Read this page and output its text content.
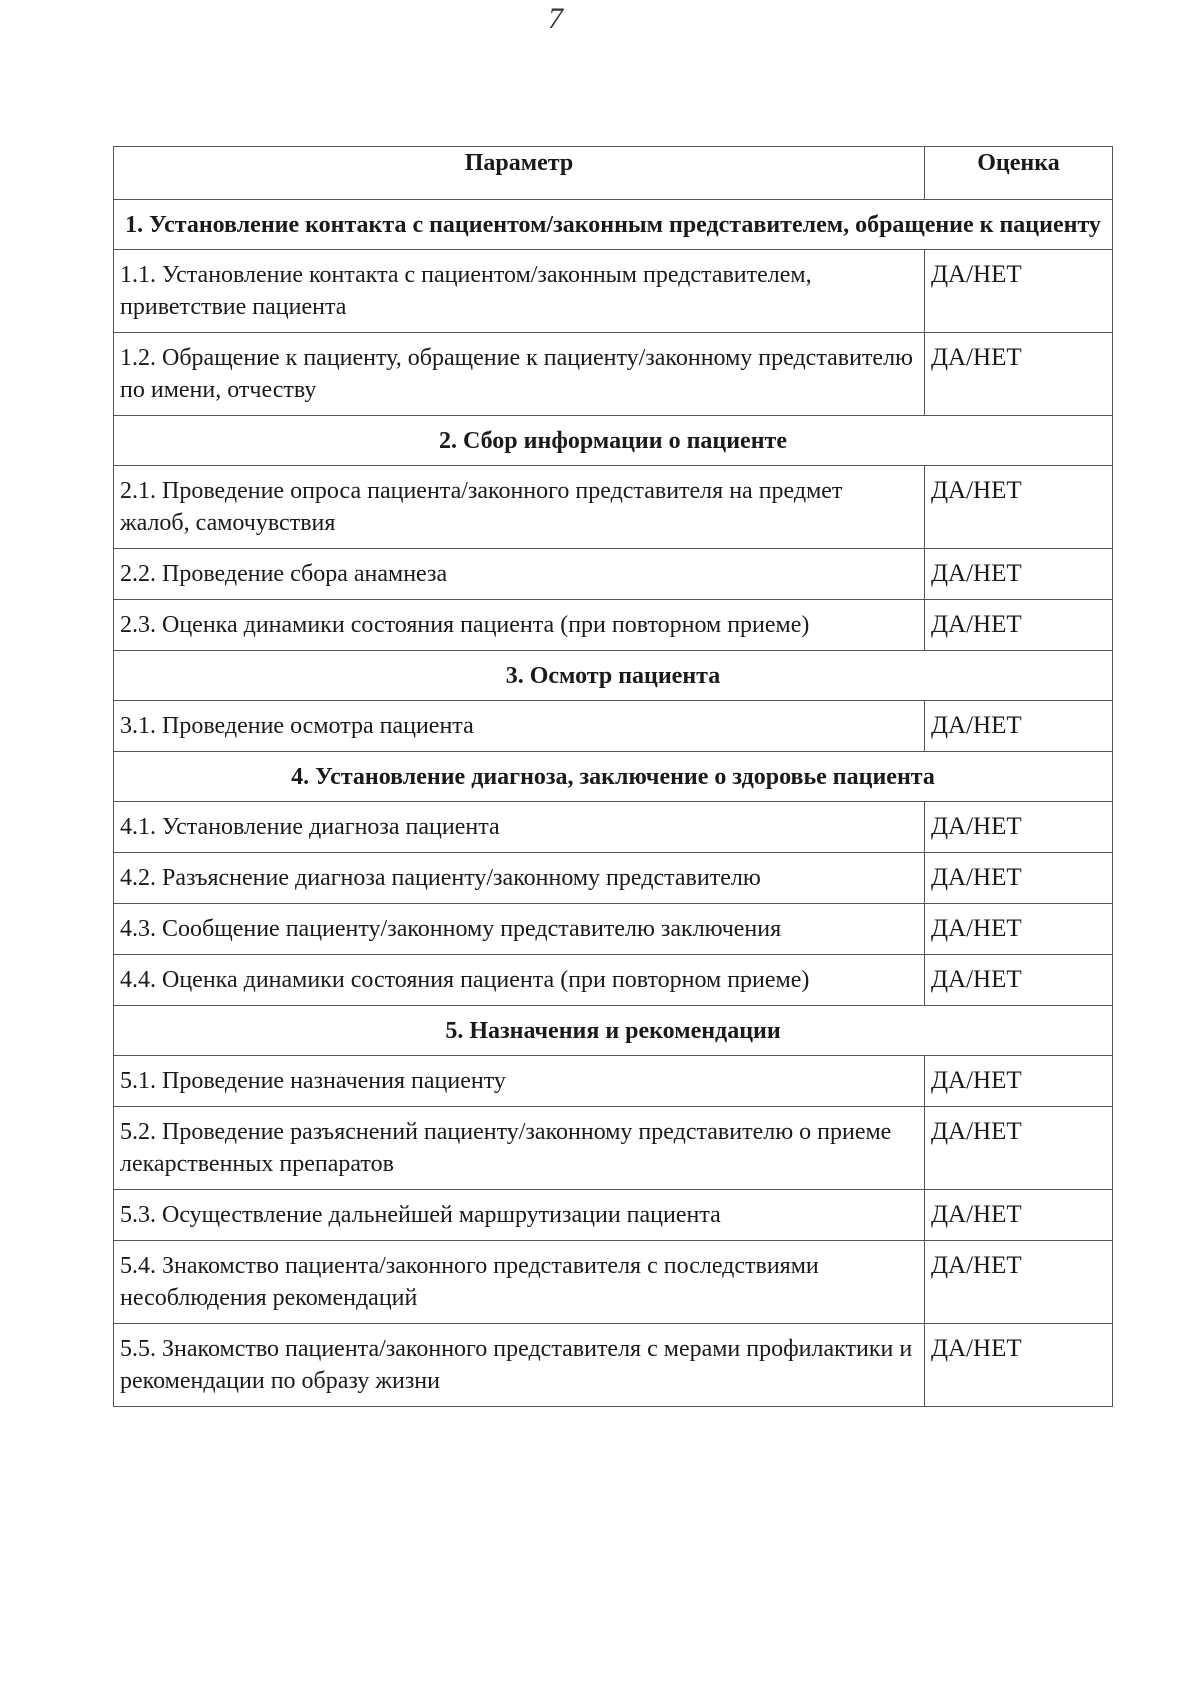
7
Параметр	Оценка
1. Установление контакта с пациентом/законным представителем, обращение к пациенту	
1.1. Установление контакта с пациентом/законным представителем, приветствие пациента	ДА/НЕТ
1.2. Обращение к пациенту, обращение к пациенту/законному представителю по имени, отчеству	ДА/НЕТ
2. Сбор информации о пациенте	
2.1. Проведение опроса пациента/законного представителя на предмет жалоб, самочувствия	ДА/НЕТ
2.2. Проведение сбора анамнеза	ДА/НЕТ
2.3. Оценка динамики состояния пациента (при повторном приеме)	ДА/НЕТ
3. Осмотр пациента	
3.1. Проведение осмотра пациента	ДА/НЕТ
4. Установление диагноза, заключение о здоровье пациента	
4.1. Установление диагноза пациента	ДА/НЕТ
4.2. Разъяснение диагноза пациенту/законному представителю	ДА/НЕТ
4.3. Сообщение пациенту/законному представителю заключения	ДА/НЕТ
4.4. Оценка динамики состояния пациента (при повторном приеме)	ДА/НЕТ
5. Назначения и рекомендации	
5.1. Проведение назначения пациенту	ДА/НЕТ
5.2. Проведение разъяснений пациенту/законному представителю о приеме лекарственных препаратов	ДА/НЕТ
5.3. Осуществление дальнейшей маршрутизации пациента	ДА/НЕТ
5.4. Знакомство пациента/законного представителя с последствиями несоблюдения рекомендаций	ДА/НЕТ
5.5. Знакомство пациента/законного представителя с мерами профилактики и рекомендации по образу жизни	ДА/НЕТ
